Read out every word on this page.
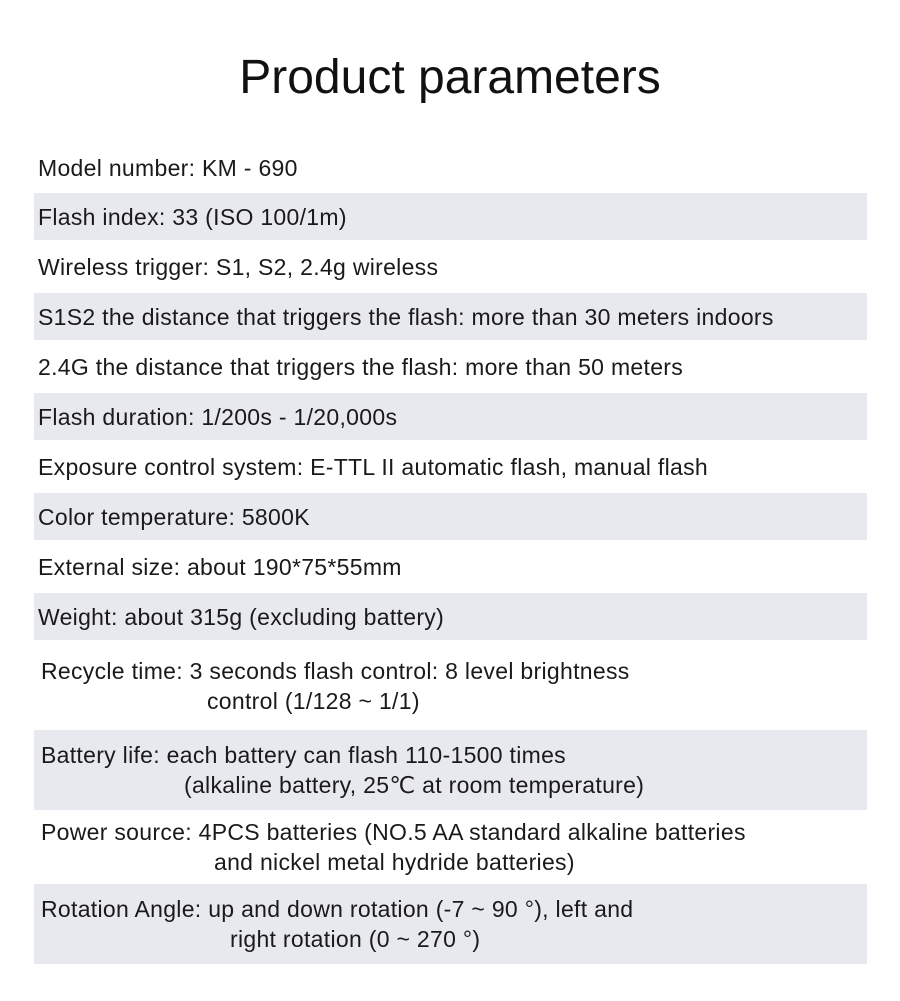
Product parameters
Model number: KM - 690
Flash index: 33 (ISO 100/1m)
Wireless trigger: S1, S2, 2.4g wireless
S1S2 the distance that triggers the flash: more than 30 meters indoors
2.4G the distance that triggers the flash: more than 50 meters
Flash duration: 1/200s - 1/20,000s
Exposure control system: E-TTL II automatic flash, manual flash
Color temperature: 5800K
External size: about 190*75*55mm
Weight: about 315g (excluding battery)
Recycle time: 3 seconds flash control: 8 level brightness
control (1/128 ~ 1/1)
Battery life: each battery can flash 110-1500 times
(alkaline battery, 25℃ at room temperature)
Power source: 4PCS batteries (NO.5 AA standard alkaline batteries
and nickel metal hydride batteries)
Rotation Angle: up and down rotation (-7 ~ 90 °), left and
right rotation (0 ~ 270 °)
